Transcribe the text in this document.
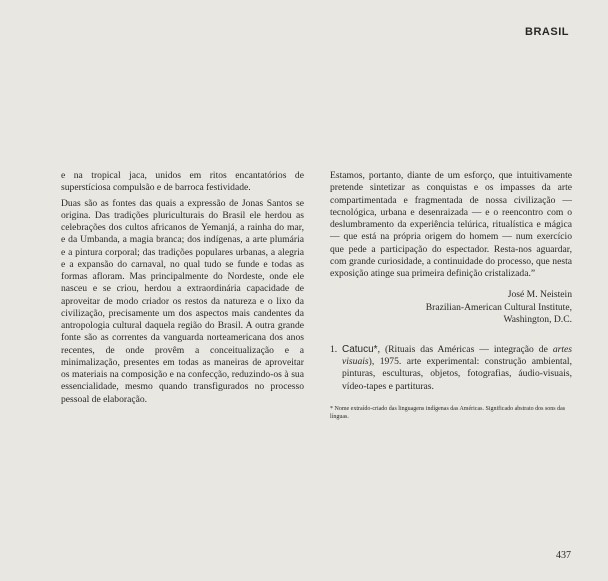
BRASIL

e na tropical jaca, unidos em ritos encantatórios de superstíciosa compulsão e de barroca festividade.

Duas são as fontes das quais a expressão de Jonas Santos se origina. Das tradições pluriculturais do Brasil ele herdou as celebrações dos cultos africanos de Yemanjá, a rainha do mar, e da Umbanda, a magia branca; dos indígenas, a arte plumária e a pintura corporal; das tradições populares urbanas, a alegria e a expansão do carnaval, no qual tudo se funde e todas as formas afloram. Mas principalmente do Nordeste, onde ele nasceu e se criou, herdou a extraordinária capacidade de aproveitar de modo criador os restos da natureza e o lixo da civilização, precisamente um dos aspectos mais candentes da antropologia cultural daquela região do Brasil. A outra grande fonte são as correntes da vanguarda norteamericana dos anos recentes, de onde provêm a conceitualização e a minimalização, presentes em todas as maneiras de aproveitar os materiais na composição e na confecção, reduzindo-os à sua essencialidade, mesmo quando transfigurados no processo pessoal de elaboração.

Estamos, portanto, diante de um esforço, que intuitivamente pretende sintetizar as conquistas e os impasses da arte compartimentada e fragmentada de nossa civilização — tecnológica, urbana e desenraizada — e o reencontro com o deslumbramento da experiência telúrica, ritualística e mágica — que está na própria origem do homem — num exercício que pede a participação do espectador. Resta-nos aguardar, com grande curiosidade, a continuidade do processo, que nesta exposição atinge sua primeira definição cristalizada.”

José M. Neistein
Brazilian-American Cultural Institute,
Washington, D.C.
1. Catucu*, (Rituais das Américas — integração de artes visuais), 1975. arte experimental: construção ambiental, pinturas, esculturas, objetos, fotografias, áudio-visuais, vídeo-tapes e partituras.
* Nome extraído-criado das linguagens indígenas das Américas. Significado abstrato dos sons das línguas.
437
